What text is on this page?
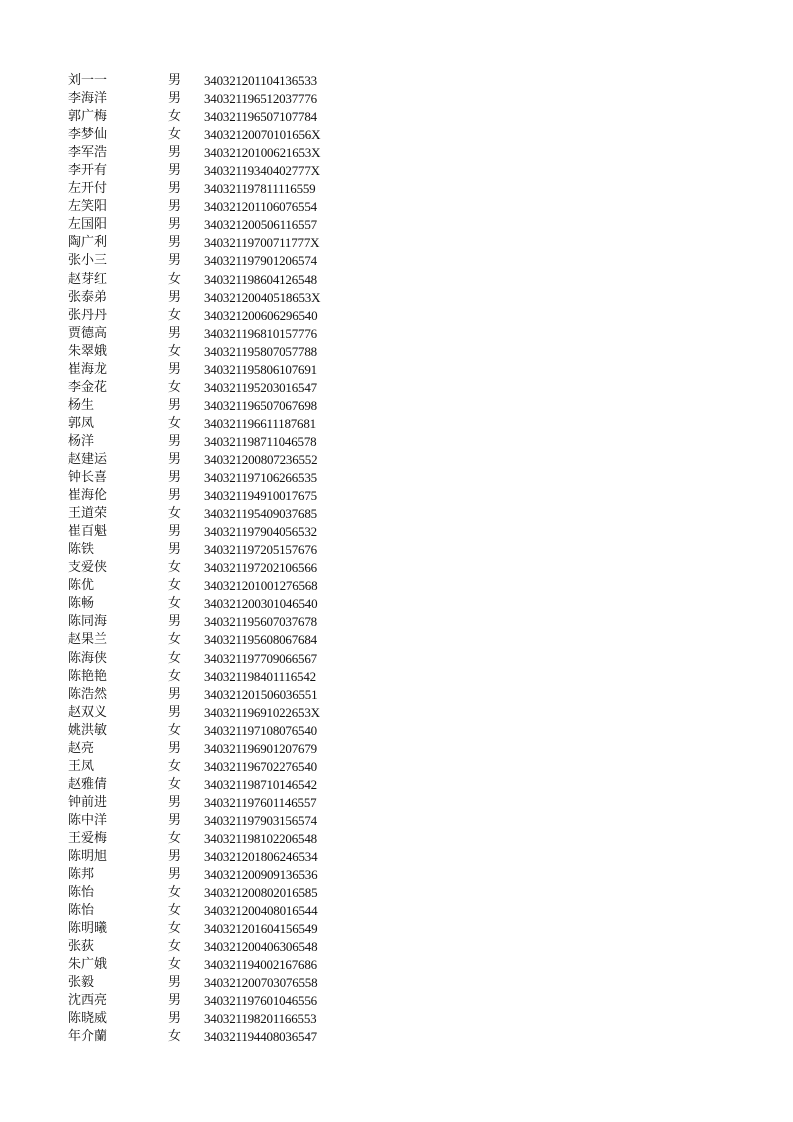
刘一一	男	340321201104136533
李海洋	男	340321196512037776
郭广梅	女	340321196507107784
李梦仙	女	34032120070101656X
李军浩	男	34032120100621653X
李开有	男	34032119340402777X
左开付	男	340321197811116559
左笑阳	男	340321201106076554
左国阳	男	340321200506116557
陶广利	男	34032119700711777X
张小三	男	340321197901206574
赵芽红	女	340321198604126548
张泰弟	男	34032120040518653X
张丹丹	女	340321200606296540
贾德高	男	340321196810157776
朱翠娥	女	340321195807057788
崔海龙	男	340321195806107691
李金花	女	340321195203016547
杨生	男	340321196507067698
郭凤	女	340321196611187681
杨洋	男	340321198711046578
赵建运	男	340321200807236552
钟长喜	男	340321197106266535
崔海伦	男	340321194910017675
王道荣	女	340321195409037685
崔百魁	男	340321197904056532
陈铁	男	340321197205157676
支爱侠	女	340321197202106566
陈优	女	340321201001276568
陈畅	女	340321200301046540
陈同海	男	340321195607037678
赵果兰	女	340321195608067684
陈海侠	女	340321197709066567
陈艳艳	女	340321198401116542
陈浩然	男	340321201506036551
赵双义	男	34032119691022653X
姚洪敏	女	340321197108076540
赵亮	男	340321196901207679
王凤	女	340321196702276540
赵雅倩	女	340321198710146542
钟前进	男	340321197601146557
陈中洋	男	340321197903156574
王爱梅	女	340321198102206548
陈明旭	男	340321201806246534
陈邦	男	340321200909136536
陈怡	女	340321200802016585
陈怡	女	340321200408016544
陈明曦	女	340321201604156549
张荻	女	340321200406306548
朱广娥	女	340321194002167686
张毅	男	340321200703076558
沈西亮	男	340321197601046556
陈晓威	男	340321198201166553
年介蘭	女	340321194408036547
